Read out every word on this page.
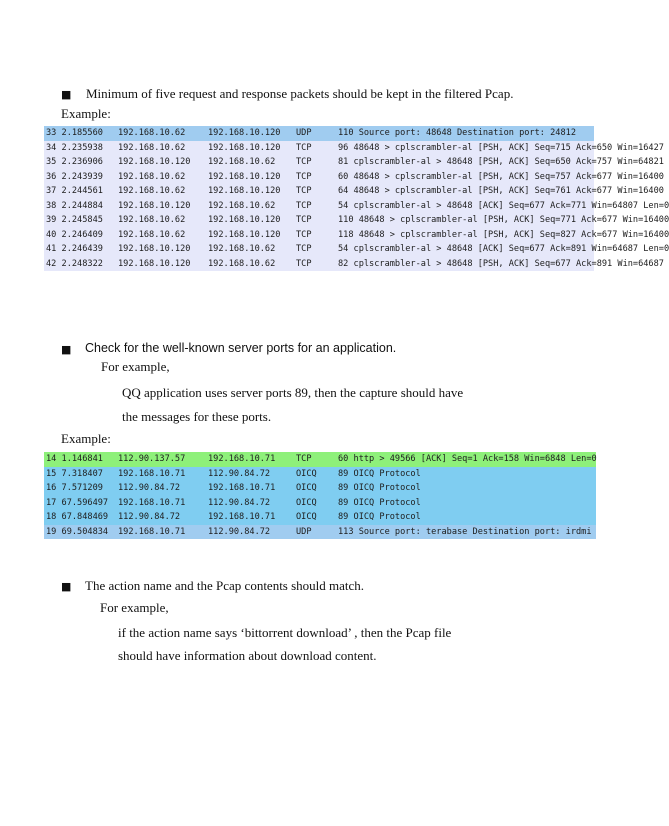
■ Minimum of five request and response packets should be kept in the filtered Pcap.
Example:
33 2.185560	192.168.10.62	192.168.10.120	UDP	110 Source port: 48648 Destination port: 24812
34 2.235938	192.168.10.62	192.168.10.120	TCP	96 48648 > cplscrambler-al [PSH, ACK] Seq=715 Ack=650 Win=16427
35 2.236906	192.168.10.120	192.168.10.62	TCP	81 cplscrambler-al > 48648 [PSH, ACK] Seq=650 Ack=757 Win=64821
36 2.243939	192.168.10.62	192.168.10.120	TCP	60 48648 > cplscrambler-al [PSH, ACK] Seq=757 Ack=677 Win=16400
37 2.244561	192.168.10.62	192.168.10.120	TCP	64 48648 > cplscrambler-al [PSH, ACK] Seq=761 Ack=677 Win=16400
38 2.244884	192.168.10.120	192.168.10.62	TCP	54 cplscrambler-al > 48648 [ACK] Seq=677 Ack=771 Win=64807 Len=0
39 2.245845	192.168.10.62	192.168.10.120	TCP	110 48648 > cplscrambler-al [PSH, ACK] Seq=771 Ack=677 Win=16400
40 2.246409	192.168.10.62	192.168.10.120	TCP	118 48648 > cplscrambler-al [PSH, ACK] Seq=827 Ack=677 Win=16400
41 2.246439	192.168.10.120	192.168.10.62	TCP	54 cplscrambler-al > 48648 [ACK] Seq=677 Ack=891 Win=64687 Len=0
42 2.248322	192.168.10.120	192.168.10.62	TCP	82 cplscrambler-al > 48648 [PSH, ACK] Seq=677 Ack=891 Win=64687
■ Check for the well-known server ports for an application.
For example,
QQ application uses server ports 89, then the capture should have
the messages for these ports.
Example:
14 1.146841	112.90.137.57	192.168.10.71	TCP	60 http > 49566 [ACK] Seq=1 Ack=158 Win=6848 Len=0
15 7.318407	192.168.10.71	112.90.84.72	OICQ	89 OICQ Protocol
16 7.571209	112.90.84.72	192.168.10.71	OICQ	89 OICQ Protocol
17 67.596497	192.168.10.71	112.90.84.72	OICQ	89 OICQ Protocol
18 67.848469	112.90.84.72	192.168.10.71	OICQ	89 OICQ Protocol
19 69.504834	192.168.10.71	112.90.84.72	UDP	113 Source port: terabase Destination port: irdmi
■ The action name and the Pcap contents should match.
For example,
if the action name says ‘bittorrent download’ , then the Pcap file
should have information about download content.
